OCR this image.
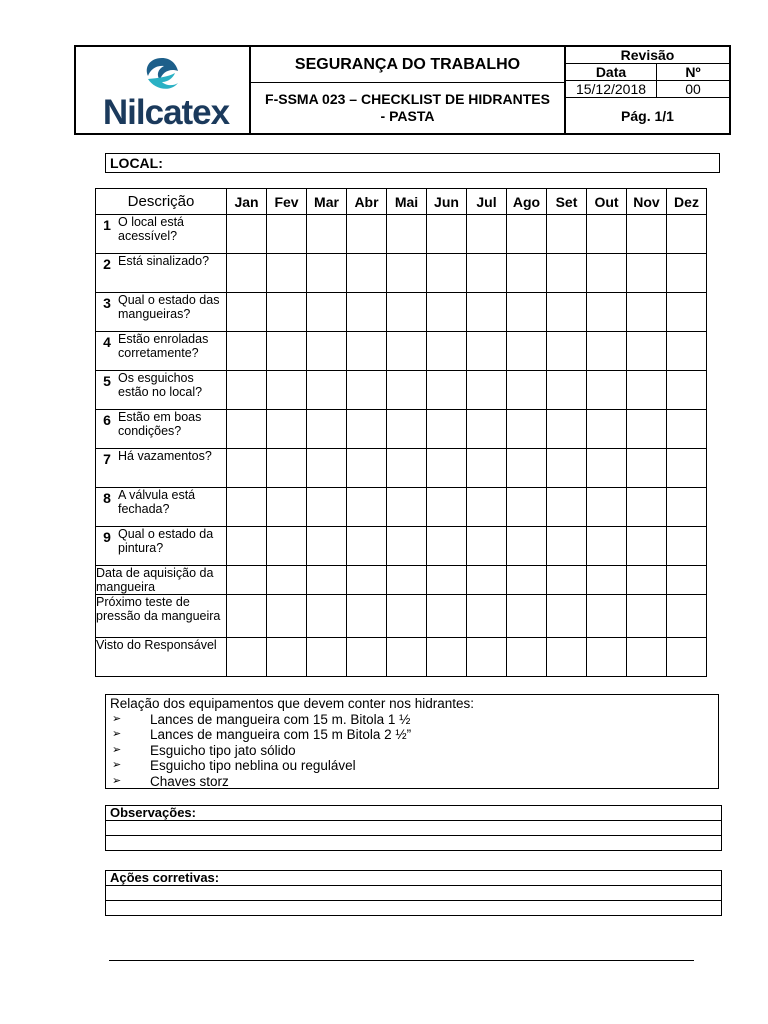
Nilcatex
SEGURANÇA DO TRABALHO
F-SSMA 023 – CHECKLIST DE HIDRANTES - PASTA
Revisão
Data	Nº
15/12/2018	00
Pág. 1/1
LOCAL:
Descrição	Jan	Fev	Mar	Abr	Mai	Jun	Jul	Ago	Set	Out	Nov	Dez

1 O local está acessível?												

2 Está sinalizado?												

3 Qual o estado das mangueiras?												

4 Estão enroladas corretamente?												

5 Os esguichos estão no local?												

6 Estão em boas condições?												

7 Há vazamentos?												

8 A válvula está fechada?												

9 Qual o estado da pintura?												

Data de aquisição da mangueira												
Próximo teste de pressão da mangueira												
Visto do Responsável												
Relação dos equipamentos que devem conter nos hidrantes:
➢	Lances de mangueira com 15 m. Bitola 1 ½
➢	Lances de mangueira com 15 m Bitola 2 ½”
➢	Esguicho tipo jato sólido
➢	Esguicho tipo neblina ou regulável
➢	Chaves storz
Observações:

Ações corretivas:
